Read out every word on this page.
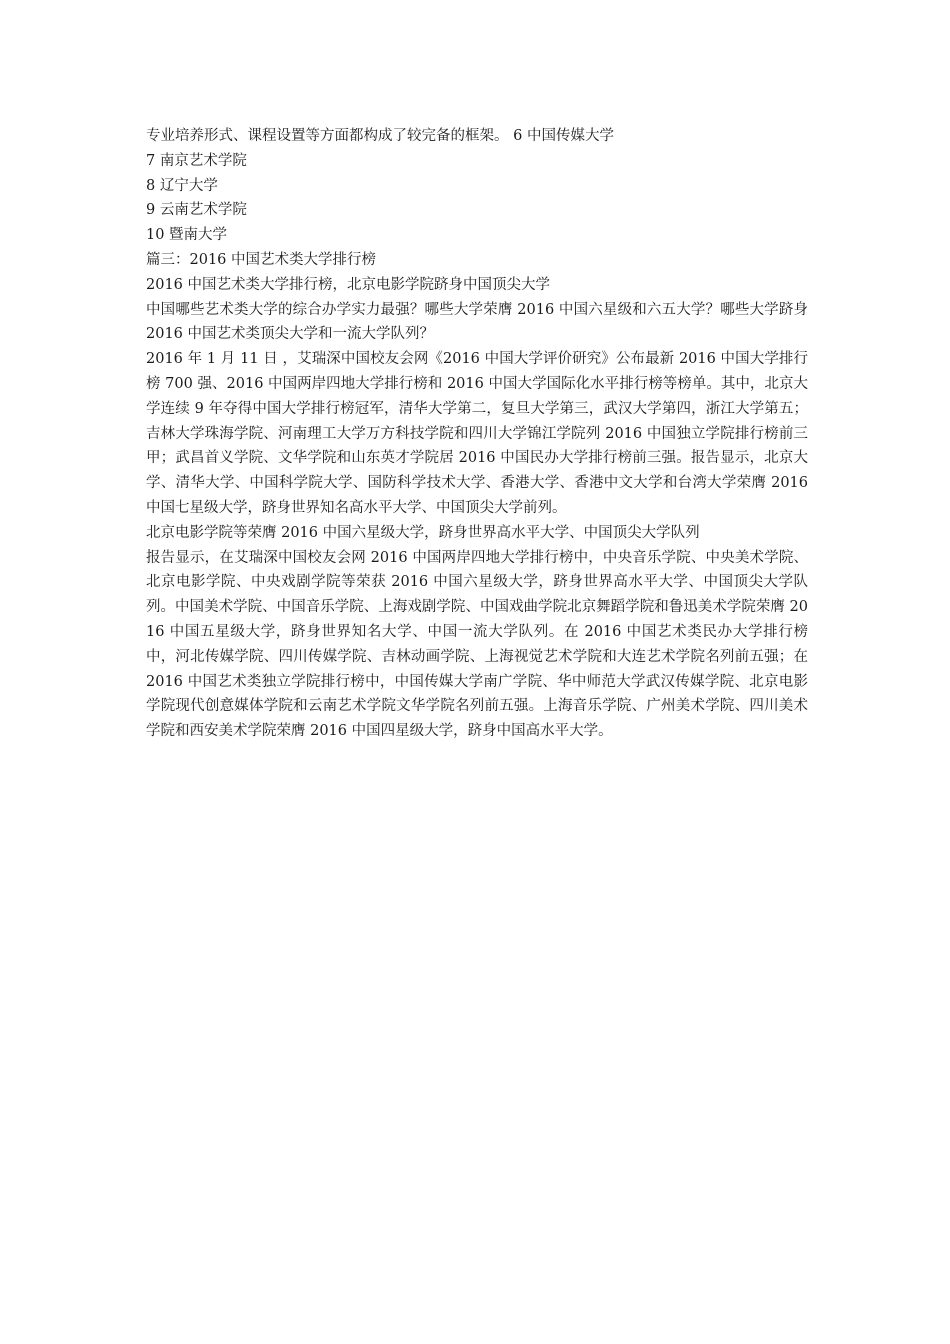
专业培养形式、课程设置等方面都构成了较完备的框架。 6 中国传媒大学

7 南京艺术学院

8 辽宁大学

9 云南艺术学院

10 暨南大学

篇三：2016 中国艺术类大学排行榜

2016 中国艺术类大学排行榜，北京电影学院跻身中国顶尖大学

中国哪些艺术类大学的综合办学实力最强？哪些大学荣膺 2016 中国六星级和六五大学？哪些大学跻身 2016 中国艺术类顶尖大学和一流大学队列？

2016 年 1 月 11 日 ，艾瑞深中国校友会网《2016 中国大学评价研究》公布最新 2016 中国大学排行榜 700 强、2016 中国两岸四地大学排行榜和 2016 中国大学国际化水平排行榜等榜单。其中，北京大学连续 9 年夺得中国大学排行榜冠军，清华大学第二，复旦大学第三，武汉大学第四，浙江大学第五；吉林大学珠海学院、河南理工大学万方科技学院和四川大学锦江学院列 2016 中国独立学院排行榜前三甲；武昌首义学院、文华学院和山东英才学院居 2016 中国民办大学排行榜前三强。报告显示，北京大学、清华大学、中国科学院大学、国防科学技术大学、香港大学、香港中文大学和台湾大学荣膺 2016 中国七星级大学，跻身世界知名高水平大学、中国顶尖大学前列。

北京电影学院等荣膺 2016 中国六星级大学，跻身世界高水平大学、中国顶尖大学队列

报告显示，在艾瑞深中国校友会网 2016 中国两岸四地大学排行榜中，中央音乐学院、中央美术学院、北京电影学院、中央戏剧学院等荣获 2016 中国六星级大学，跻身世界高水平大学、中国顶尖大学队列。中国美术学院、中国音乐学院、上海戏剧学院、中国戏曲学院北京舞蹈学院和鲁迅美术学院荣膺 2016 中国五星级大学，跻身世界知名大学、中国一流大学队列。在 2016 中国艺术类民办大学排行榜中，河北传媒学院、四川传媒学院、吉林动画学院、上海视觉艺术学院和大连艺术学院名列前五强；在 2016 中国艺术类独立学院排行榜中，中国传媒大学南广学院、华中师范大学武汉传媒学院、北京电影学院现代创意媒体学院和云南艺术学院文华学院名列前五强。上海音乐学院、广州美术学院、四川美术学院和西安美术学院荣膺 2016 中国四星级大学，跻身中国高水平大学。
